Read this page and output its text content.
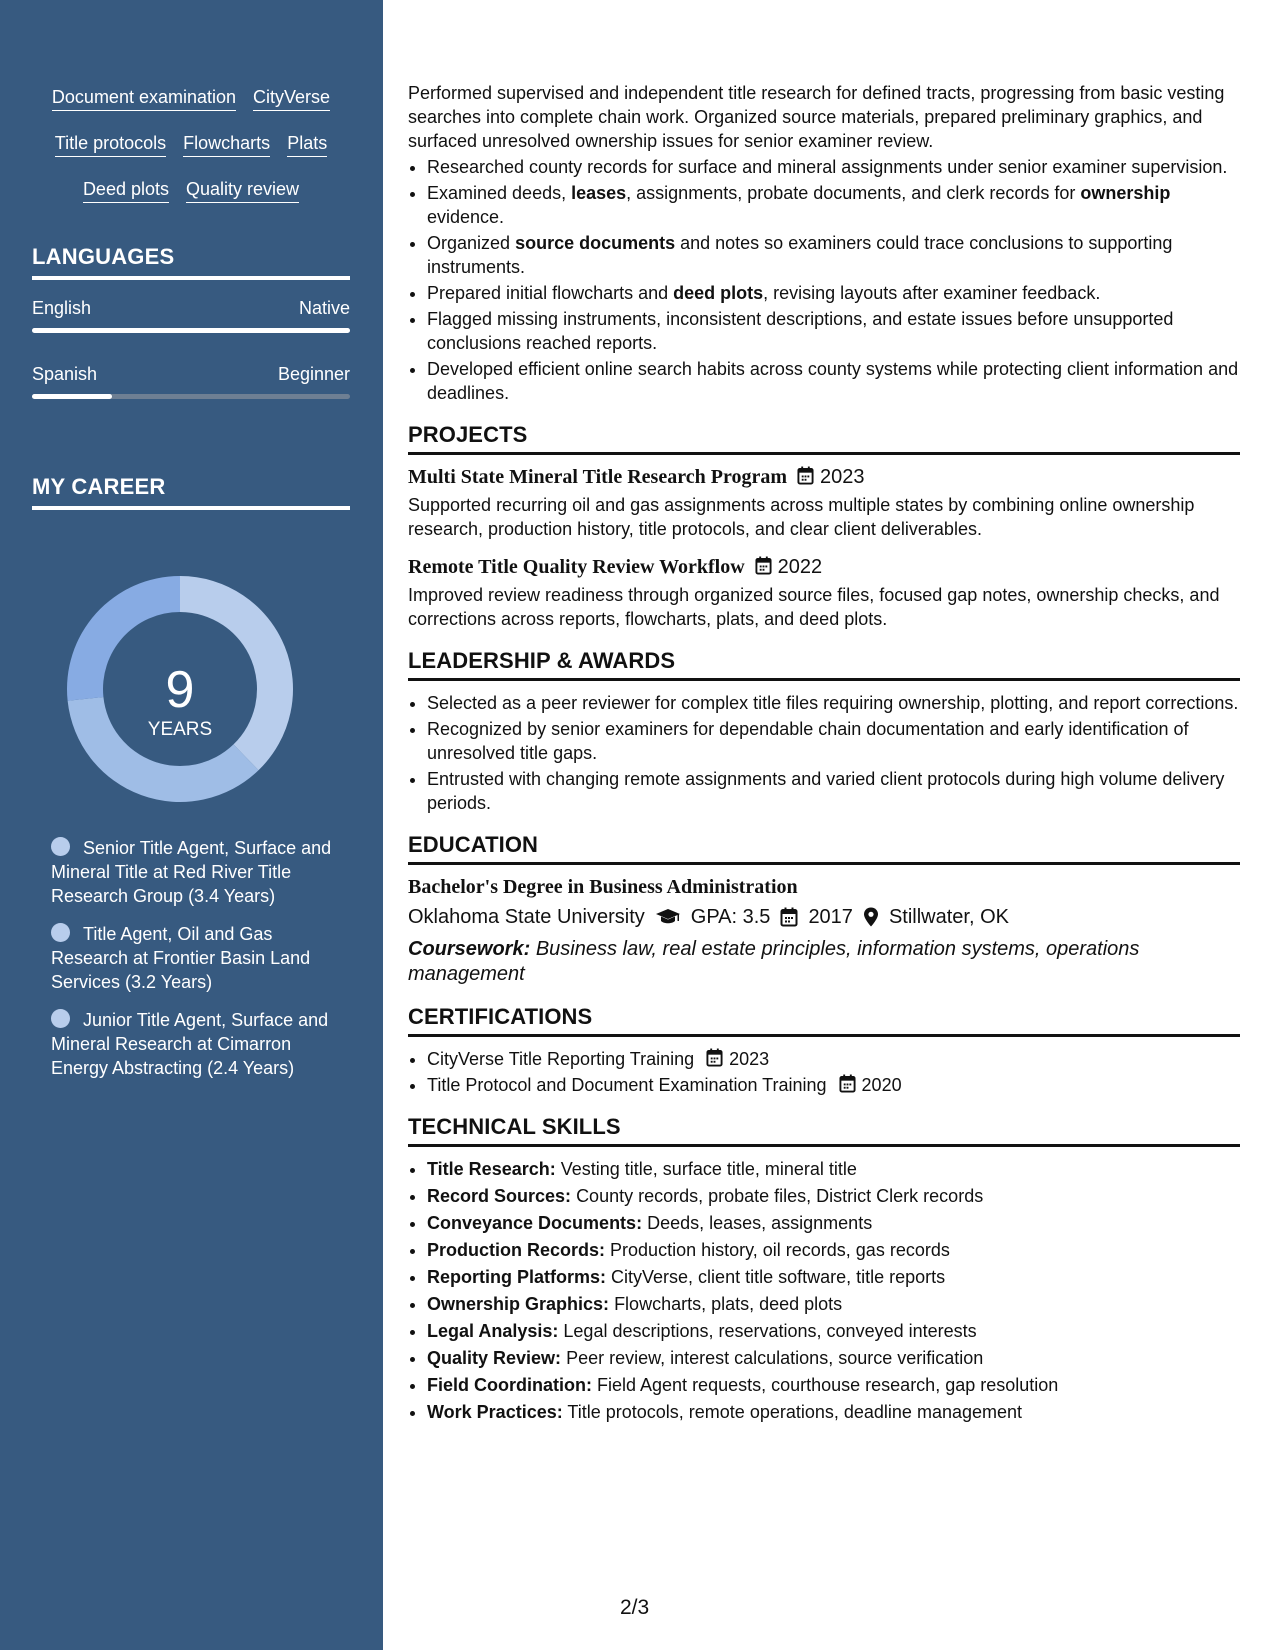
Document examination CityVerse
Title protocols Flowcharts Plats
Deed plots Quality review
LANGUAGES
English	Native
Spanish	Beginner
MY CAREER
9
YEARS
Senior Title Agent, Surface and Mineral Title at Red River Title Research Group (3.4 Years)
Title Agent, Oil and Gas Research at Frontier Basin Land Services (3.2 Years)
Junior Title Agent, Surface and Mineral Research at Cimarron Energy Abstracting (2.4 Years)

Performed supervised and independent title research for defined tracts, progressing from basic vesting searches into complete chain work. Organized source materials, prepared preliminary graphics, and surfaced unresolved ownership issues for senior examiner review.

• Researched county records for surface and mineral assignments under senior examiner supervision.
• Examined deeds, leases, assignments, probate documents, and clerk records for ownership evidence.
• Organized source documents and notes so examiners could trace conclusions to supporting instruments.
• Prepared initial flowcharts and deed plots, revising layouts after examiner feedback.
• Flagged missing instruments, inconsistent descriptions, and estate issues before unsupported conclusions reached reports.
• Developed efficient online search habits across county systems while protecting client information and deadlines.
PROJECTS
Multi State Mineral Title Research Program 2023

Supported recurring oil and gas assignments across multiple states by combining online ownership research, production history, title protocols, and clear client deliverables.

Remote Title Quality Review Workflow 2022

Improved review readiness through organized source files, focused gap notes, ownership checks, and corrections across reports, flowcharts, plats, and deed plots.

LEADERSHIP & AWARDS
• Selected as a peer reviewer for complex title files requiring ownership, plotting, and report corrections.
• Recognized by senior examiners for dependable chain documentation and early identification of unresolved title gaps.
• Entrusted with changing remote assignments and varied client protocols during high volume delivery periods.
EDUCATION
Bachelor's Degree in Business Administration
Oklahoma State University GPA: 3.5 2017 Stillwater, OK
Coursework: Business law, real estate principles, information systems, operations management
CERTIFICATIONS
• CityVerse Title Reporting Training 2023
• Title Protocol and Document Examination Training 2020
TECHNICAL SKILLS
• Title Research: Vesting title, surface title, mineral title
• Record Sources: County records, probate files, District Clerk records
• Conveyance Documents: Deeds, leases, assignments
• Production Records: Production history, oil records, gas records
• Reporting Platforms: CityVerse, client title software, title reports
• Ownership Graphics: Flowcharts, plats, deed plots
• Legal Analysis: Legal descriptions, reservations, conveyed interests
• Quality Review: Peer review, interest calculations, source verification
• Field Coordination: Field Agent requests, courthouse research, gap resolution
• Work Practices: Title protocols, remote operations, deadline management
2/3
